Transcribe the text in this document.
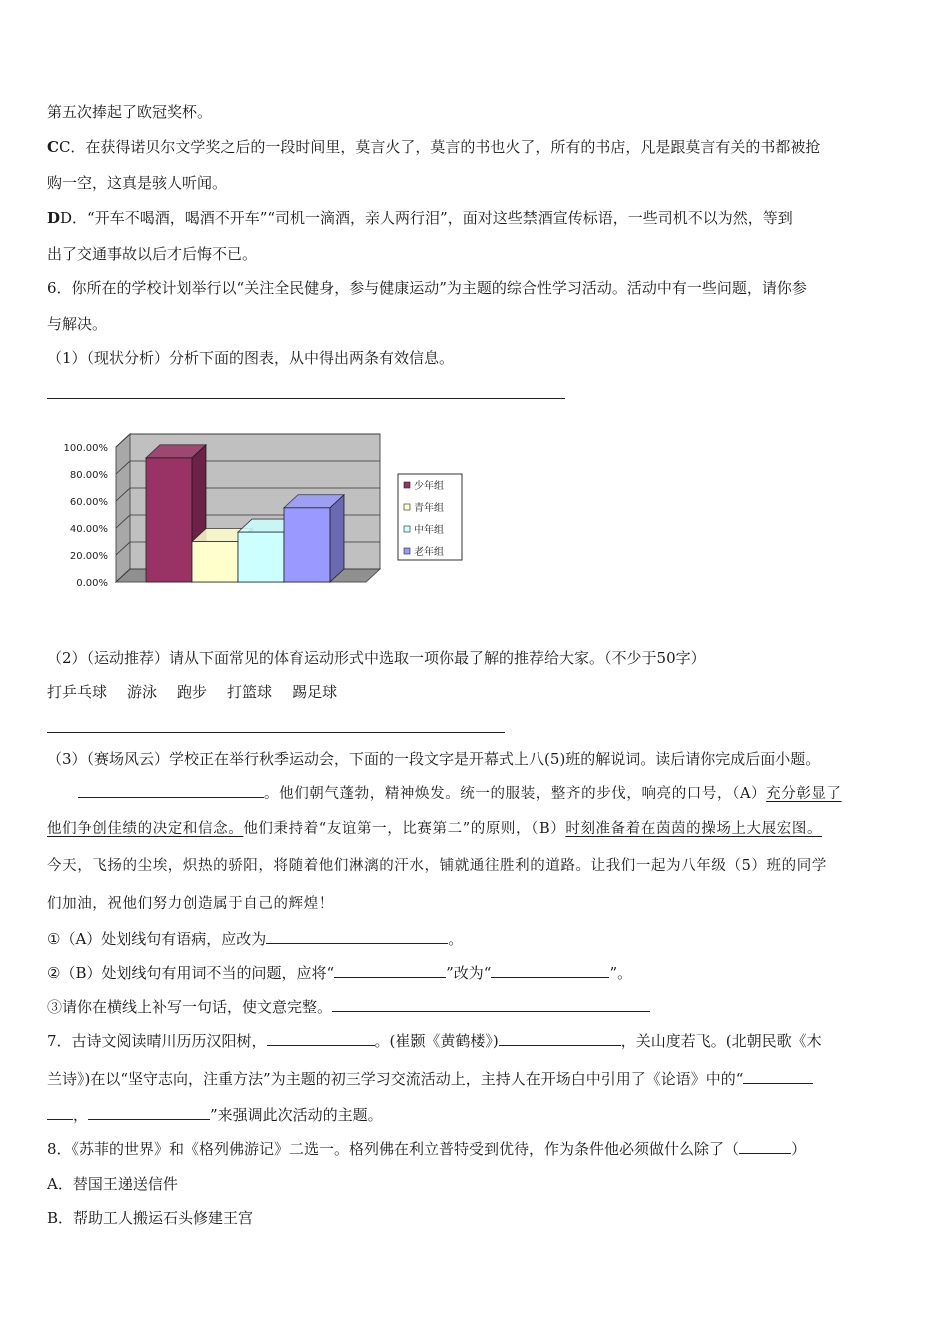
第五次捧起了欧冠奖杯。
CC．在获得诺贝尔文学奖之后的一段时间里，莫言火了，莫言的书也火了，所有的书店，凡是跟莫言有关的书都被抢
购一空，这真是骇人听闻。
DD．“开车不喝酒，喝酒不开车”“司机一滴酒，亲人两行泪”，面对这些禁酒宣传标语，一些司机不以为然，等到
出了交通事故以后才后悔不已。
6．你所在的学校计划举行以“关注全民健身，参与健康运动”为主题的综合性学习活动。活动中有一些问题，请你参
与解决。
（1）（现状分析）分析下面的图表，从中得出两条有效信息。
0.00%
20.00%
40.00%
60.00%
80.00%
100.00%
少年组
青年组
中年组
老年组
（2）（运动推荐）请从下面常见的体育运动形式中选取一项你最了解的推荐给大家。（不少于50字）
打乒乓球 游泳 跑步 打篮球 踢足球
（3）（赛场风云）学校正在举行秋季运动会，下面的一段文字是开幕式上八(5)班的解说词。读后请你完成后面小题。
。他们朝气蓬勃，精神焕发。统一的服装，整齐的步伐，响亮的口号，（A）充分彰显了
他们争创佳绩的决定和信念。他们秉持着“友谊第一，比赛第二”的原则，（B）时刻准备着在茵茵的操场上大展宏图。
今天，飞扬的尘埃，炽热的骄阳，将随着他们淋漓的汗水，铺就通往胜利的道路。让我们一起为八年级（5）班的同学
们加油，祝他们努力创造属于自己的辉煌！
①（A）处划线句有语病，应改为	。
②（B）处划线句有用词不当的问题，应将“	”改为“	”。
③请你在横线上补写一句话，使文意完整。
7．古诗文阅读晴川历历汉阳树，	。(崔颢《黄鹤楼》)	，关山度若飞。(北朝民歌《木
兰诗》)在以“坚守志向，注重方法”为主题的初三学习交流活动上，主持人在开场白中引用了《论语》中的“
，	”来强调此次活动的主题。
8．《苏菲的世界》和《格列佛游记》二选一。格列佛在利立普特受到优待，作为条件他必须做什么除了（	）
A．替国王递送信件
B．帮助工人搬运石头修建王宫
